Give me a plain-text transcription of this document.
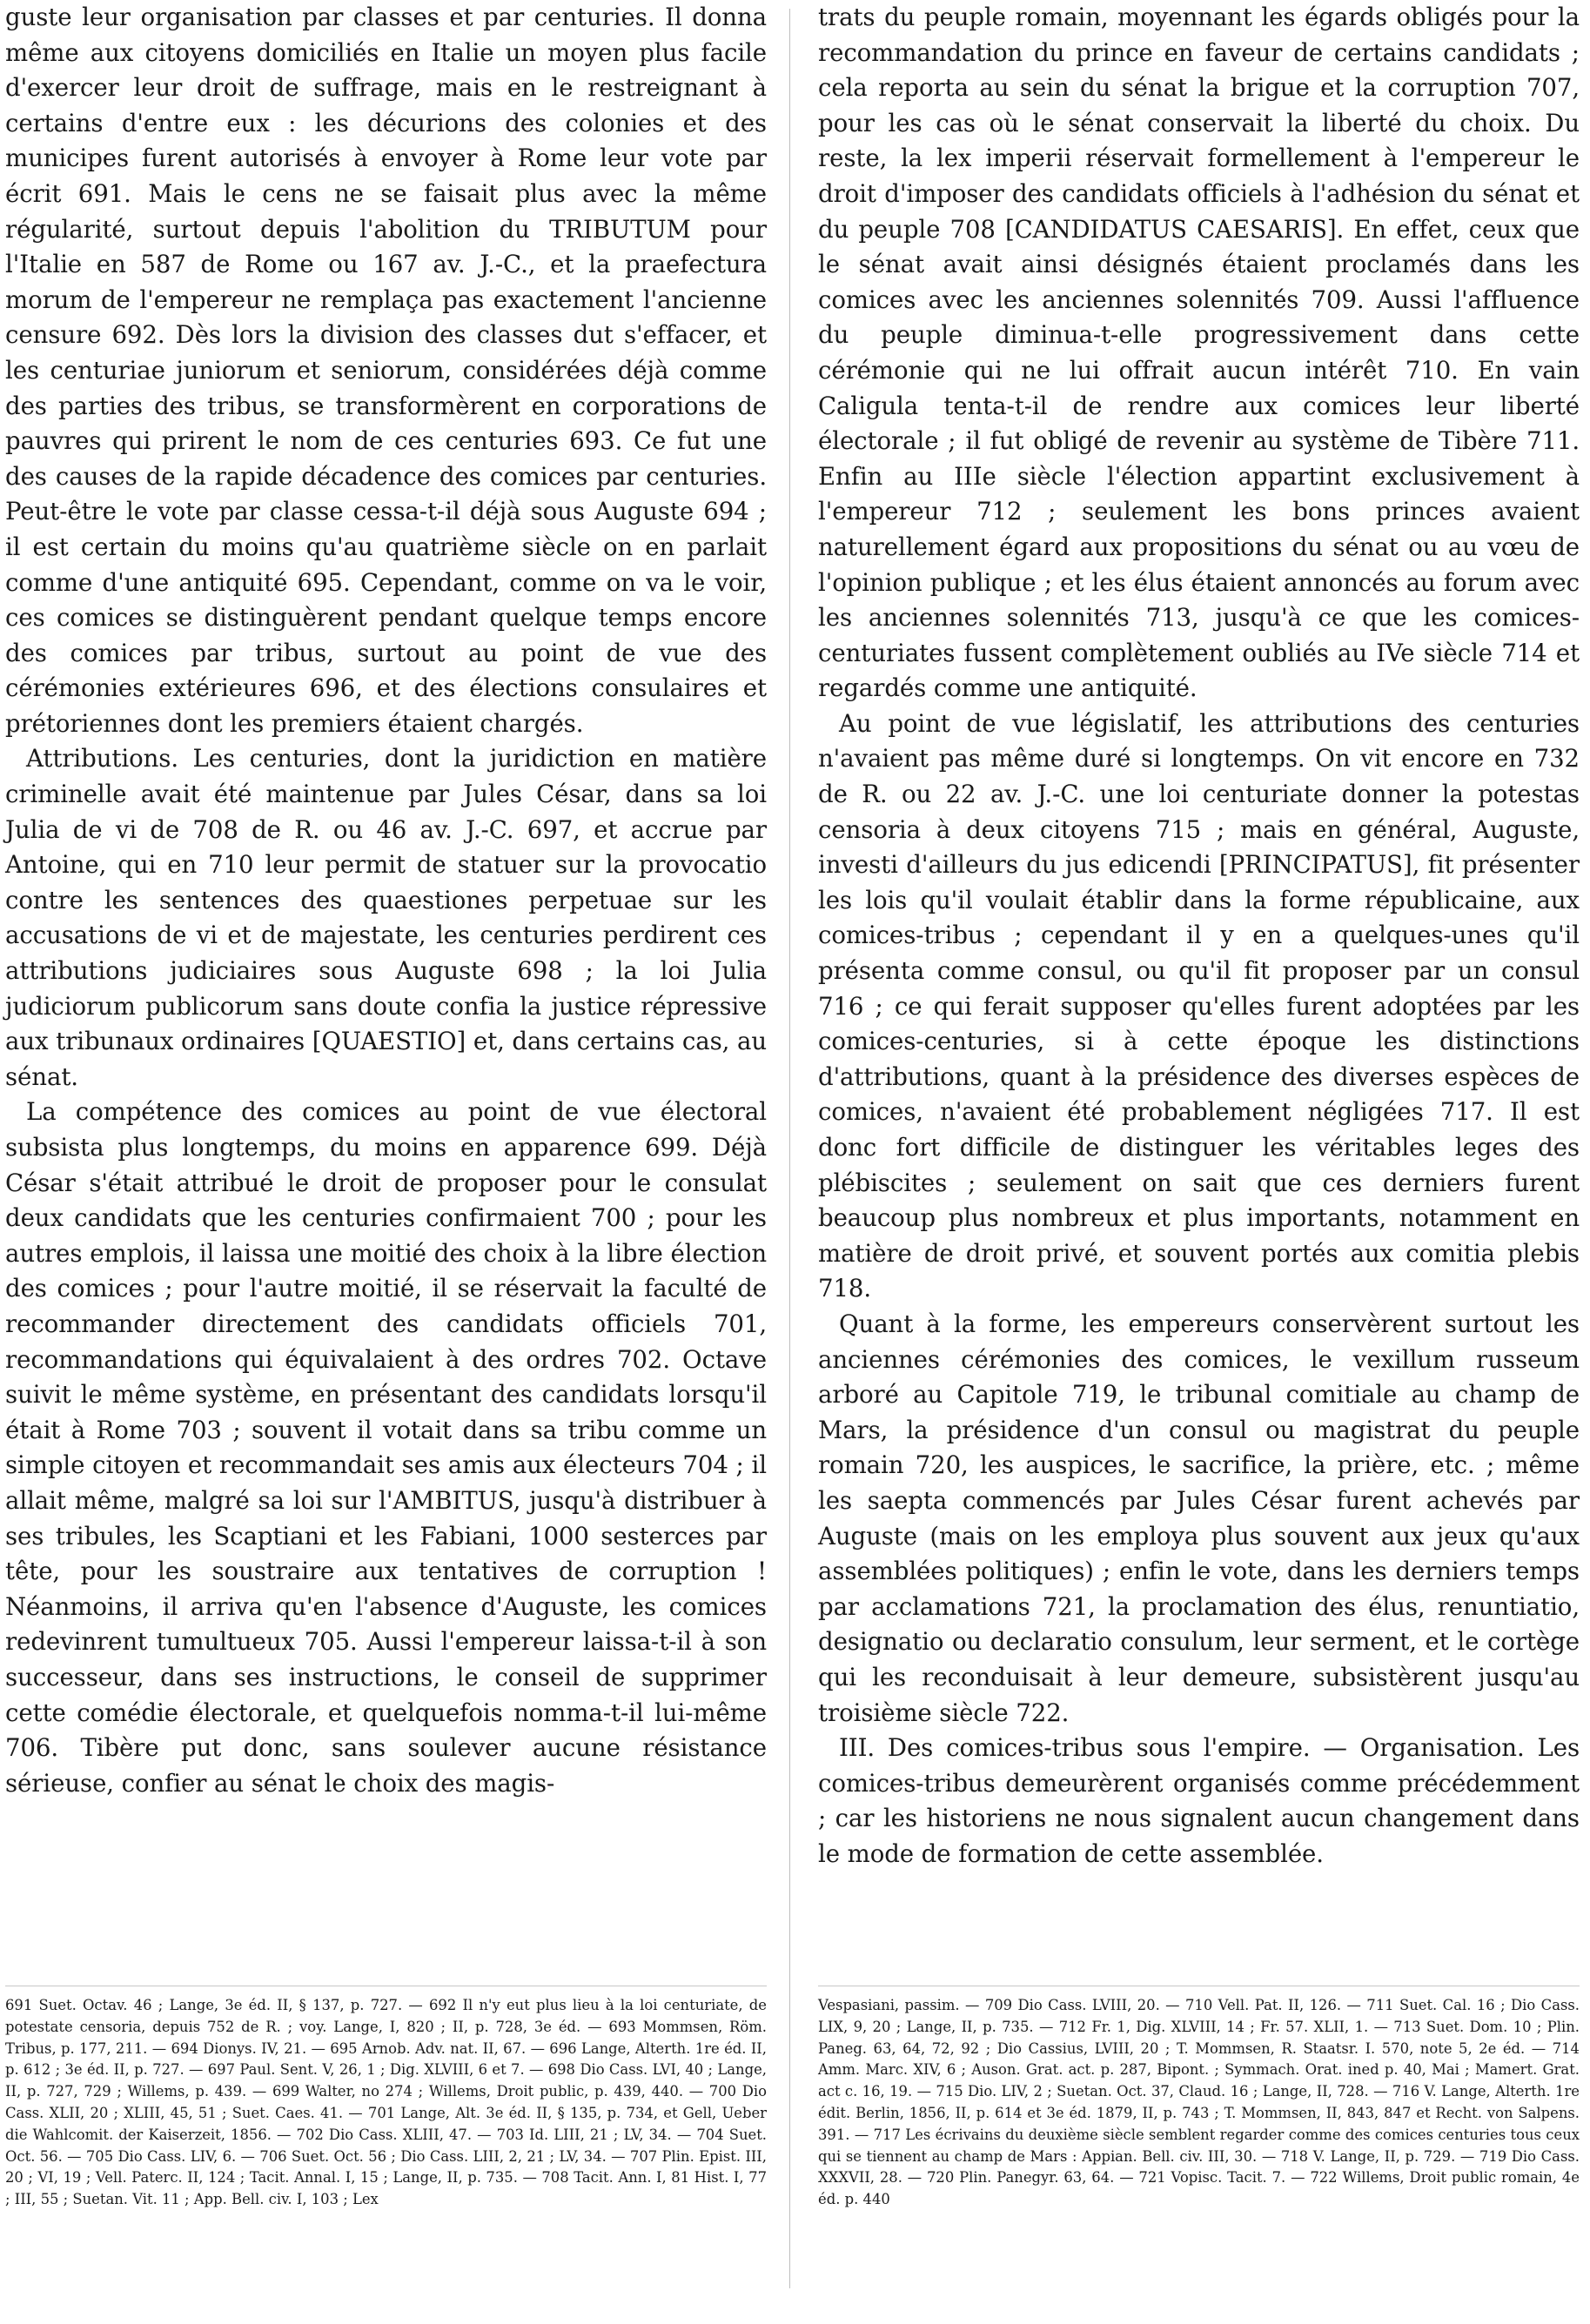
guste leur organisation par classes et par centuries. Il donna même aux citoyens domiciliés en Italie un moyen plus facile d'exercer leur droit de suffrage, mais en le restreignant à certains d'entre eux : les décurions des colonies et des municipes furent autorisés à envoyer à Rome leur vote par écrit 691. Mais le cens ne se faisait plus avec la même régularité, surtout depuis l'abolition du TRIBUTUM pour l'Italie en 587 de Rome ou 167 av. J.-C., et la praefectura morum de l'empereur ne remplaça pas exactement l'ancienne censure 692. Dès lors la division des classes dut s'effacer, et les centuriae juniorum et seniorum, considérées déjà comme des parties des tribus, se transformèrent en corporations de pauvres qui prirent le nom de ces centuries 693. Ce fut une des causes de la rapide décadence des comices par centuries. Peut-être le vote par classe cessa-t-il déjà sous Auguste 694 ; il est certain du moins qu'au quatrième siècle on en parlait comme d'une antiquité 695. Cependant, comme on va le voir, ces comices se distinguèrent pendant quelque temps encore des comices par tribus, surtout au point de vue des cérémonies extérieures 696, et des élections consulaires et prétoriennes dont les premiers étaient chargés.

Attributions. Les centuries, dont la juridiction en matière criminelle avait été maintenue par Jules César, dans sa loi Julia de vi de 708 de R. ou 46 av. J.-C. 697, et accrue par Antoine, qui en 710 leur permit de statuer sur la provocatio contre les sentences des quaestiones perpetuae sur les accusations de vi et de majestate, les centuries perdirent ces attributions judiciaires sous Auguste 698 ; la loi Julia judiciorum publicorum sans doute confia la justice répressive aux tribunaux ordinaires [QUAESTIO] et, dans certains cas, au sénat.

La compétence des comices au point de vue électoral subsista plus longtemps, du moins en apparence 699. Déjà César s'était attribué le droit de proposer pour le consulat deux candidats que les centuries confirmaient 700 ; pour les autres emplois, il laissa une moitié des choix à la libre élection des comices ; pour l'autre moitié, il se réservait la faculté de recommander directement des candidats officiels 701, recommandations qui équivalaient à des ordres 702. Octave suivit le même système, en présentant des candidats lorsqu'il était à Rome 703 ; souvent il votait dans sa tribu comme un simple citoyen et recommandait ses amis aux électeurs 704 ; il allait même, malgré sa loi sur l'AMBITUS, jusqu'à distribuer à ses tribules, les Scaptiani et les Fabiani, 1000 sesterces par tête, pour les soustraire aux tentatives de corruption ! Néanmoins, il arriva qu'en l'absence d'Auguste, les comices redevinrent tumultueux 705. Aussi l'empereur laissa-t-il à son successeur, dans ses instructions, le conseil de supprimer cette comédie électorale, et quelquefois nomma-t-il lui-même 706. Tibère put donc, sans soulever aucune résistance sérieuse, confier au sénat le choix des magis-

trats du peuple romain, moyennant les égards obligés pour la recommandation du prince en faveur de certains candidats ; cela reporta au sein du sénat la brigue et la corruption 707, pour les cas où le sénat conservait la liberté du choix. Du reste, la lex imperii réservait formellement à l'empereur le droit d'imposer des candidats officiels à l'adhésion du sénat et du peuple 708 [CANDIDATUS CAESARIS]. En effet, ceux que le sénat avait ainsi désignés étaient proclamés dans les comices avec les anciennes solennités 709. Aussi l'affluence du peuple diminua-t-elle progressivement dans cette cérémonie qui ne lui offrait aucun intérêt 710. En vain Caligula tenta-t-il de rendre aux comices leur liberté électorale ; il fut obligé de revenir au système de Tibère 711. Enfin au IIIe siècle l'élection appartint exclusivement à l'empereur 712 ; seulement les bons princes avaient naturellement égard aux propositions du sénat ou au vœu de l'opinion publique ; et les élus étaient annoncés au forum avec les anciennes solennités 713, jusqu'à ce que les comices-centuriates fussent complètement oubliés au IVe siècle 714 et regardés comme une antiquité.

Au point de vue législatif, les attributions des centuries n'avaient pas même duré si longtemps. On vit encore en 732 de R. ou 22 av. J.-C. une loi centuriate donner la potestas censoria à deux citoyens 715 ; mais en général, Auguste, investi d'ailleurs du jus edicendi [PRINCIPATUS], fit présenter les lois qu'il voulait établir dans la forme républicaine, aux comices-tribus ; cependant il y en a quelques-unes qu'il présenta comme consul, ou qu'il fit proposer par un consul 716 ; ce qui ferait supposer qu'elles furent adoptées par les comices-centuries, si à cette époque les distinctions d'attributions, quant à la présidence des diverses espèces de comices, n'avaient été probablement négligées 717. Il est donc fort difficile de distinguer les véritables leges des plébiscites ; seulement on sait que ces derniers furent beaucoup plus nombreux et plus importants, notamment en matière de droit privé, et souvent portés aux comitia plebis 718.

Quant à la forme, les empereurs conservèrent surtout les anciennes cérémonies des comices, le vexillum russeum arboré au Capitole 719, le tribunal comitiale au champ de Mars, la présidence d'un consul ou magistrat du peuple romain 720, les auspices, le sacrifice, la prière, etc. ; même les saepta commencés par Jules César furent achevés par Auguste (mais on les employa plus souvent aux jeux qu'aux assemblées politiques) ; enfin le vote, dans les derniers temps par acclamations 721, la proclamation des élus, renuntiatio, designatio ou declaratio consulum, leur serment, et le cortège qui les reconduisait à leur demeure, subsistèrent jusqu'au troisième siècle 722.

III. Des comices-tribus sous l'empire. — Organisation. Les comices-tribus demeurèrent organisés comme précédemment ; car les historiens ne nous signalent aucun changement dans le mode de formation de cette assemblée.

691 Suet. Octav. 46 ; Lange, 3e éd. II, § 137, p. 727. — 692 Il n'y eut plus lieu à la loi centuriate, de potestate censoria, depuis 752 de R. ; voy. Lange, I, 820 ; II, p. 728, 3e éd. — 693 Mommsen, Röm. Tribus, p. 177, 211. — 694 Dionys. IV, 21. — 695 Arnob. Adv. nat. II, 67. — 696 Lange, Alterth. 1re éd. II, p. 612 ; 3e éd. II, p. 727. — 697 Paul. Sent. V, 26, 1 ; Dig. XLVIII, 6 et 7. — 698 Dio Cass. LVI, 40 ; Lange, II, p. 727, 729 ; Willems, p. 439. — 699 Walter, no 274 ; Willems, Droit public, p. 439, 440. — 700 Dio Cass. XLII, 20 ; XLIII, 45, 51 ; Suet. Caes. 41. — 701 Lange, Alt. 3e éd. II, § 135, p. 734, et Gell, Ueber die Wahlcomit. der Kaiserzeit, 1856. — 702 Dio Cass. XLIII, 47. — 703 Id. LIII, 21 ; LV, 34. — 704 Suet. Oct. 56. — 705 Dio Cass. LIV, 6. — 706 Suet. Oct. 56 ; Dio Cass. LIII, 2, 21 ; LV, 34. — 707 Plin. Epist. III, 20 ; VI, 19 ; Vell. Paterc. II, 124 ; Tacit. Annal. I, 15 ; Lange, II, p. 735. — 708 Tacit. Ann. I, 81 Hist. I, 77 ; III, 55 ; Suetan. Vit. 11 ; App. Bell. civ. I, 103 ; Lex
Vespasiani, passim. — 709 Dio Cass. LVIII, 20. — 710 Vell. Pat. II, 126. — 711 Suet. Cal. 16 ; Dio Cass. LIX, 9, 20 ; Lange, II, p. 735. — 712 Fr. 1, Dig. XLVIII, 14 ; Fr. 57. XLII, 1. — 713 Suet. Dom. 10 ; Plin. Paneg. 63, 64, 72, 92 ; Dio Cassius, LVIII, 20 ; T. Mommsen, R. Staatsr. I. 570, note 5, 2e éd. — 714 Amm. Marc. XIV, 6 ; Auson. Grat. act. p. 287, Bipont. ; Symmach. Orat. ined p. 40, Mai ; Mamert. Grat. act c. 16, 19. — 715 Dio. LIV, 2 ; Suetan. Oct. 37, Claud. 16 ; Lange, II, 728. — 716 V. Lange, Alterth. 1re édit. Berlin, 1856, II, p. 614 et 3e éd. 1879, II, p. 743 ; T. Mommsen, II, 843, 847 et Recht. von Salpens. 391. — 717 Les écrivains du deuxième siècle semblent regarder comme des comices centuries tous ceux qui se tiennent au champ de Mars : Appian. Bell. civ. III, 30. — 718 V. Lange, II, p. 729. — 719 Dio Cass. XXXVII, 28. — 720 Plin. Panegyr. 63, 64. — 721 Vopisc. Tacit. 7. — 722 Willems, Droit public romain, 4e éd. p. 440
